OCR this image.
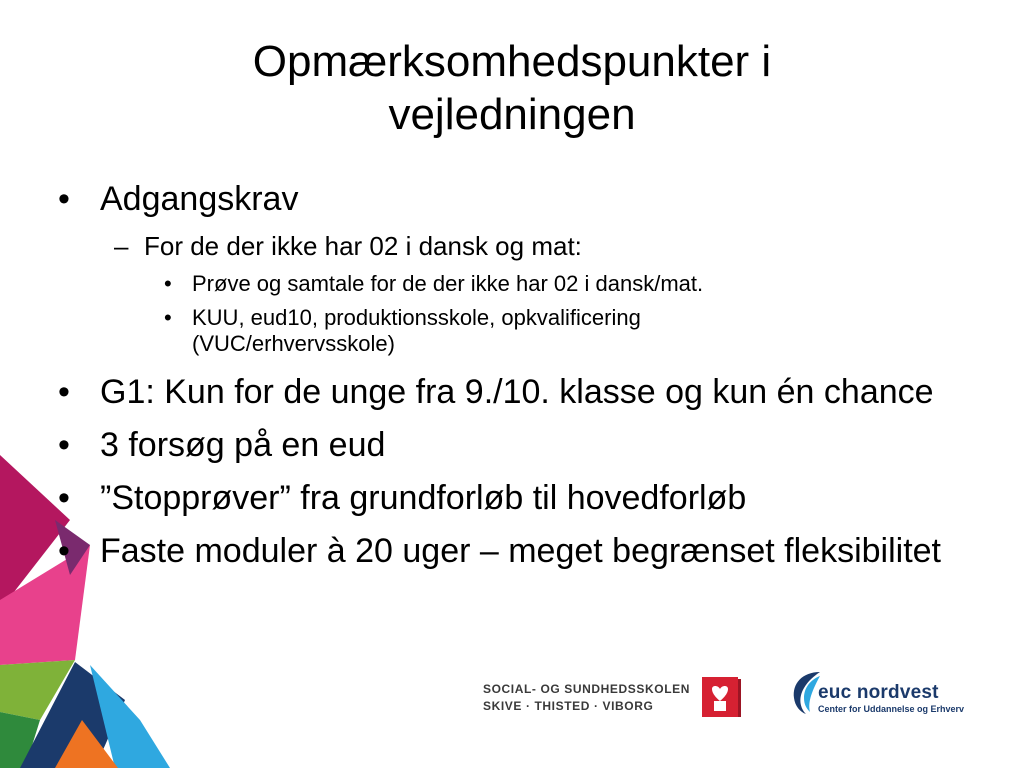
Opmærksomhedspunkter i
vejledningen
• Adgangskrav
– For de der ikke har 02 i dansk og mat:
• Prøve og samtale for de der ikke har 02 i dansk/mat.
• KUU, eud10, produktionsskole, opkvalificering (VUC/erhvervsskole)
• G1: Kun for de unge fra 9./10. klasse og kun én chance
• 3 forsøg på en eud
• ”Stopprøver” fra grundforløb til hovedforløb
• Faste moduler à 20 uger – meget begrænset fleksibilitet
SOCIAL- OG SUNDHEDSSKOLEN
SKIVE · THISTED · VIBORG
euc nordvest
Center for Uddannelse og Erhverv
